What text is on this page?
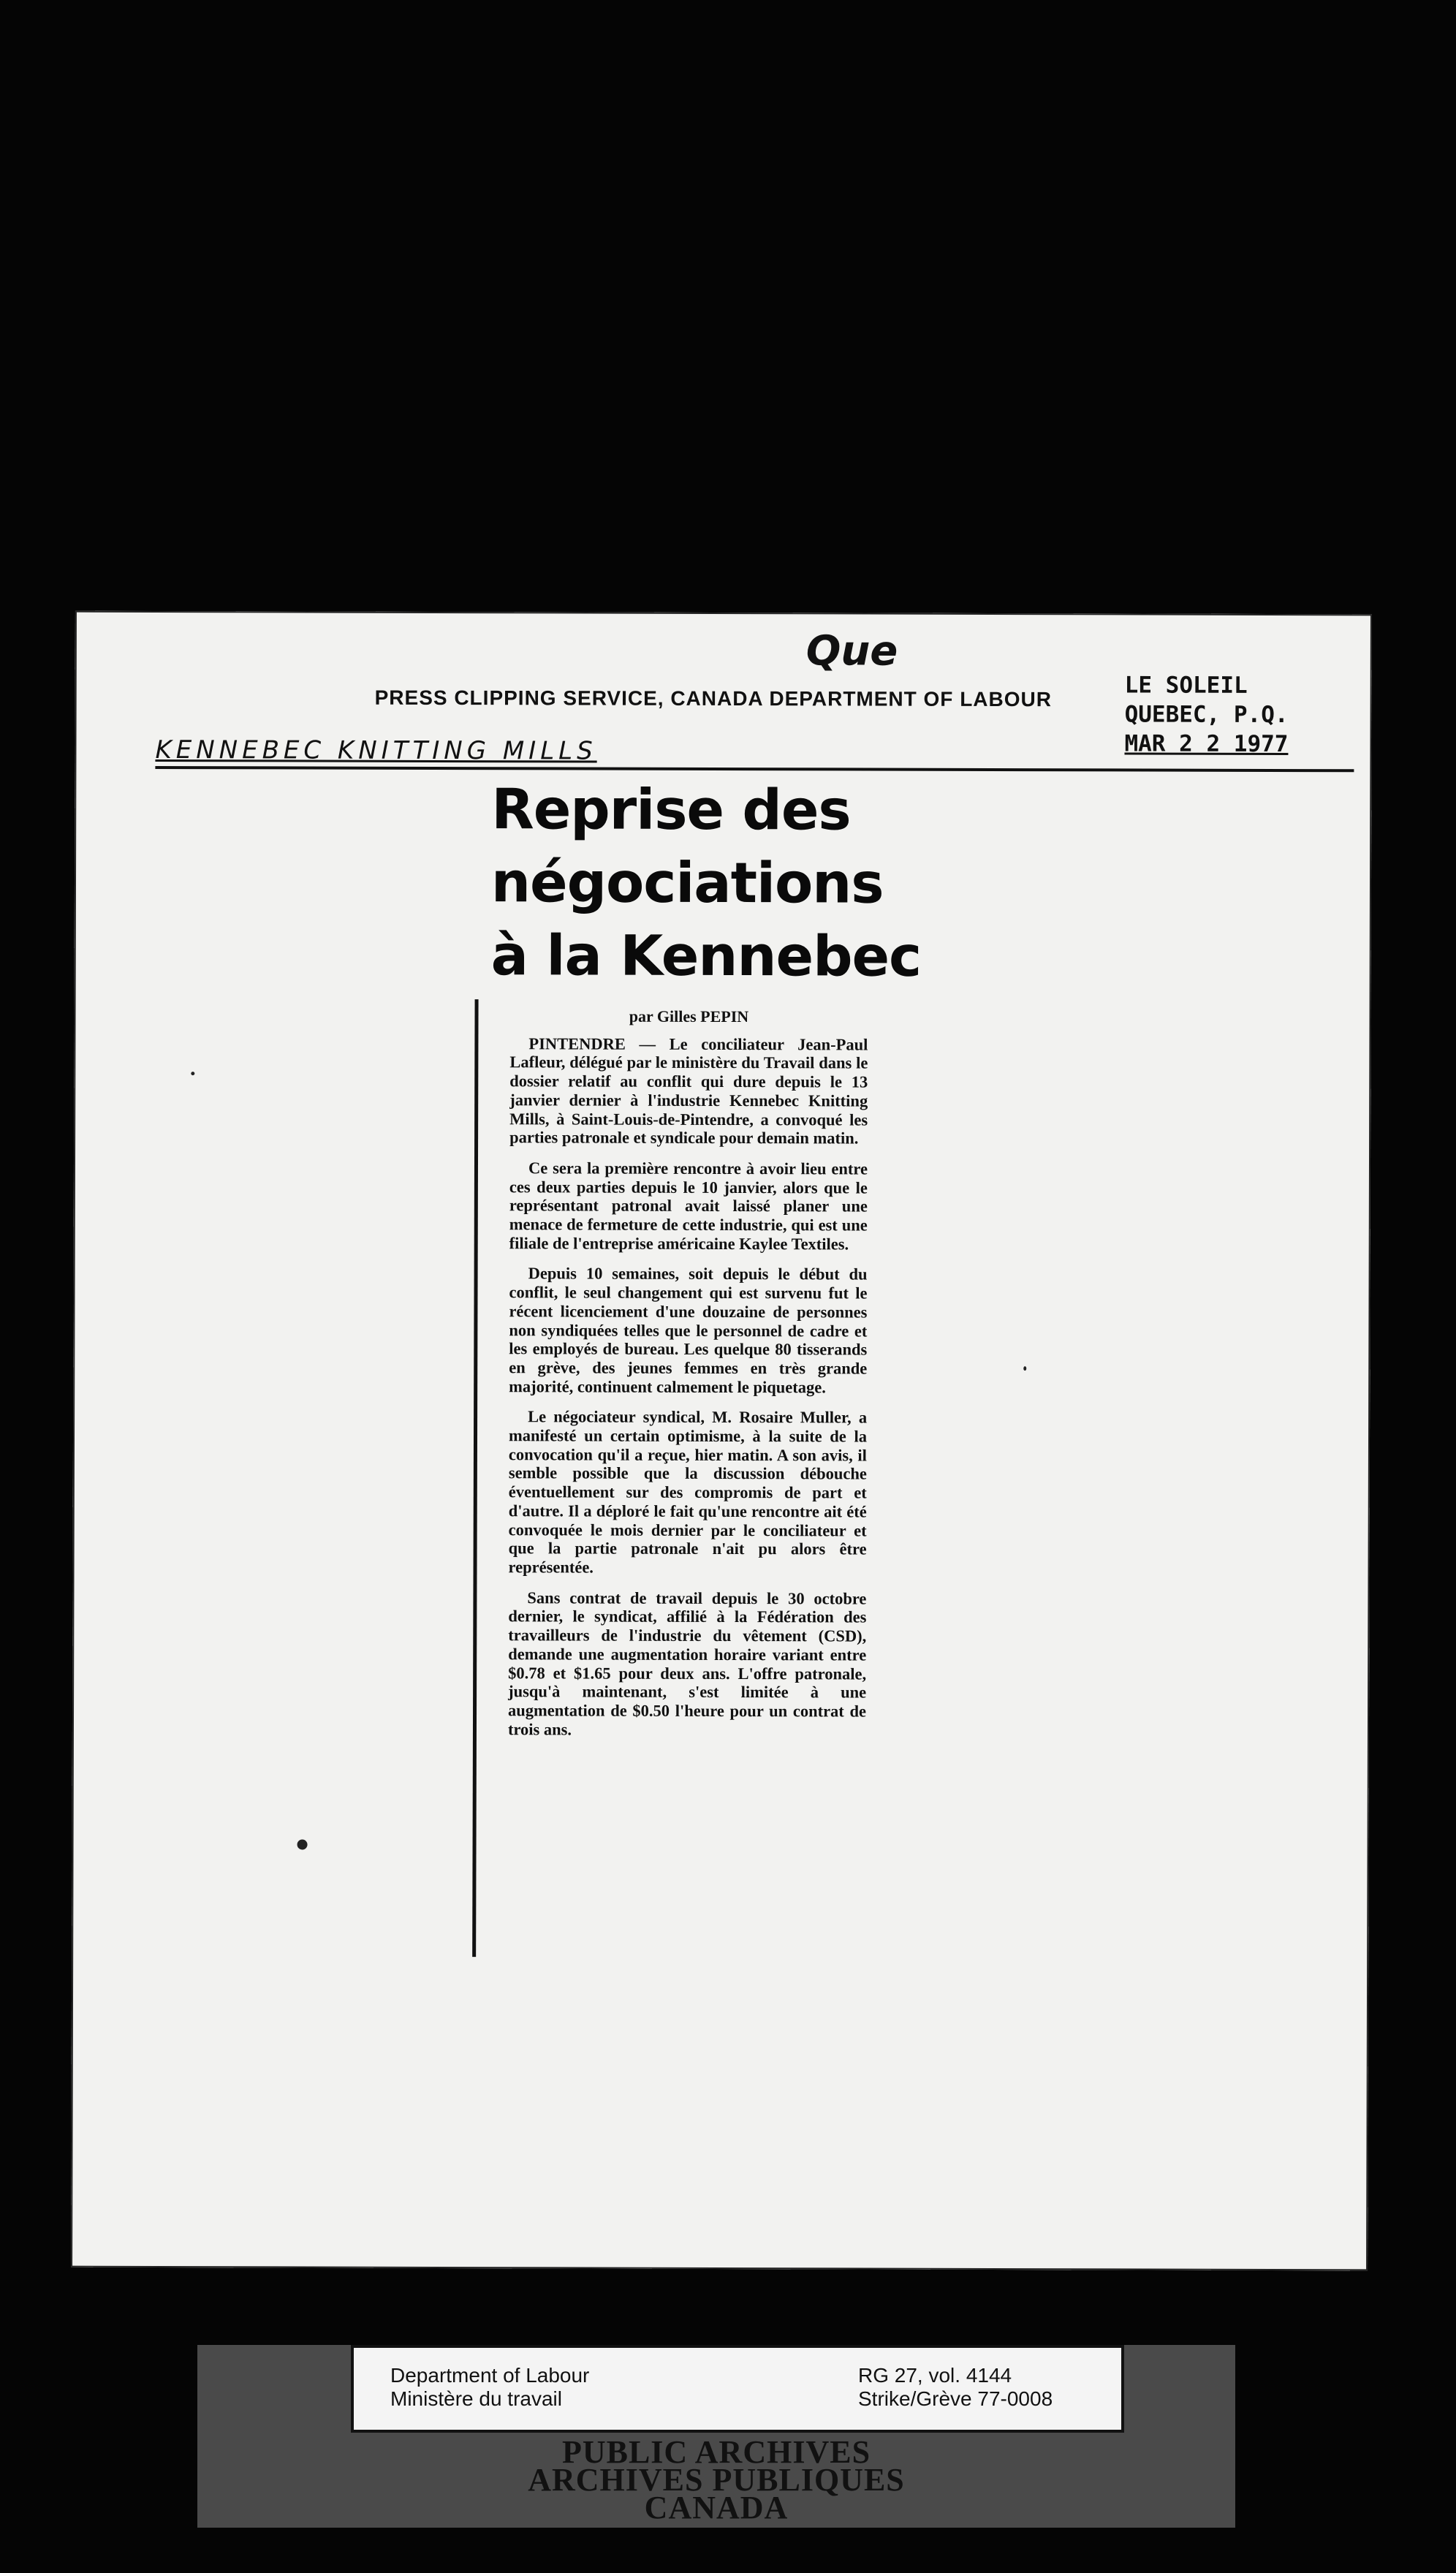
Que
KENNEBEC KNITTING MILLS
PRESS CLIPPING SERVICE, CANADA DEPARTMENT OF LABOUR	LE SOLEIL
QUEBEC, P.Q.
MAR 2 2 1977
Reprise des
négociations
à la Kennebec
par Gilles PEPIN

PINTENDRE — Le conciliateur Jean-Paul Lafleur, délégué par le ministère du Travail dans le dossier relatif au conflit qui dure depuis le 13 janvier dernier à l'industrie Kennebec Knitting Mills, à Saint-Louis-de-Pintendre, a convoqué les parties patronale et syndicale pour demain matin.

Ce sera la première rencontre à avoir lieu entre ces deux parties depuis le 10 janvier, alors que le représentant patronal avait laissé planer une menace de fermeture de cette industrie, qui est une filiale de l'entreprise américaine Kaylee Textiles.

Depuis 10 semaines, soit depuis le début du conflit, le seul changement qui est survenu fut le récent licenciement d'une douzaine de personnes non syndiquées telles que le personnel de cadre et les employés de bureau. Les quelque 80 tisserands en grève, des jeunes femmes en très grande majorité, continuent calmement le piquetage.

Le négociateur syndical, M. Rosaire Muller, a manifesté un certain optimisme, à la suite de la convocation qu'il a reçue, hier matin. A son avis, il semble possible que la discussion débouche éventuellement sur des compromis de part et d'autre. Il a déploré le fait qu'une rencontre ait été convoquée le mois dernier par le conciliateur et que la partie patronale n'ait pu alors être représentée.

Sans contrat de travail depuis le 30 octobre dernier, le syndicat, affilié à la Fédération des travailleurs de l'industrie du vêtement (CSD), demande une augmentation horaire variant entre $0.78 et $1.65 pour deux ans. L'offre patronale, jusqu'à maintenant, s'est limitée à une augmentation de $0.50 l'heure pour un contrat de trois ans.

Department of Labour
Ministère du travail
RG 27, vol. 4144
Strike/Grève 77-0008
PUBLIC ARCHIVES
ARCHIVES PUBLIQUES
CANADA
